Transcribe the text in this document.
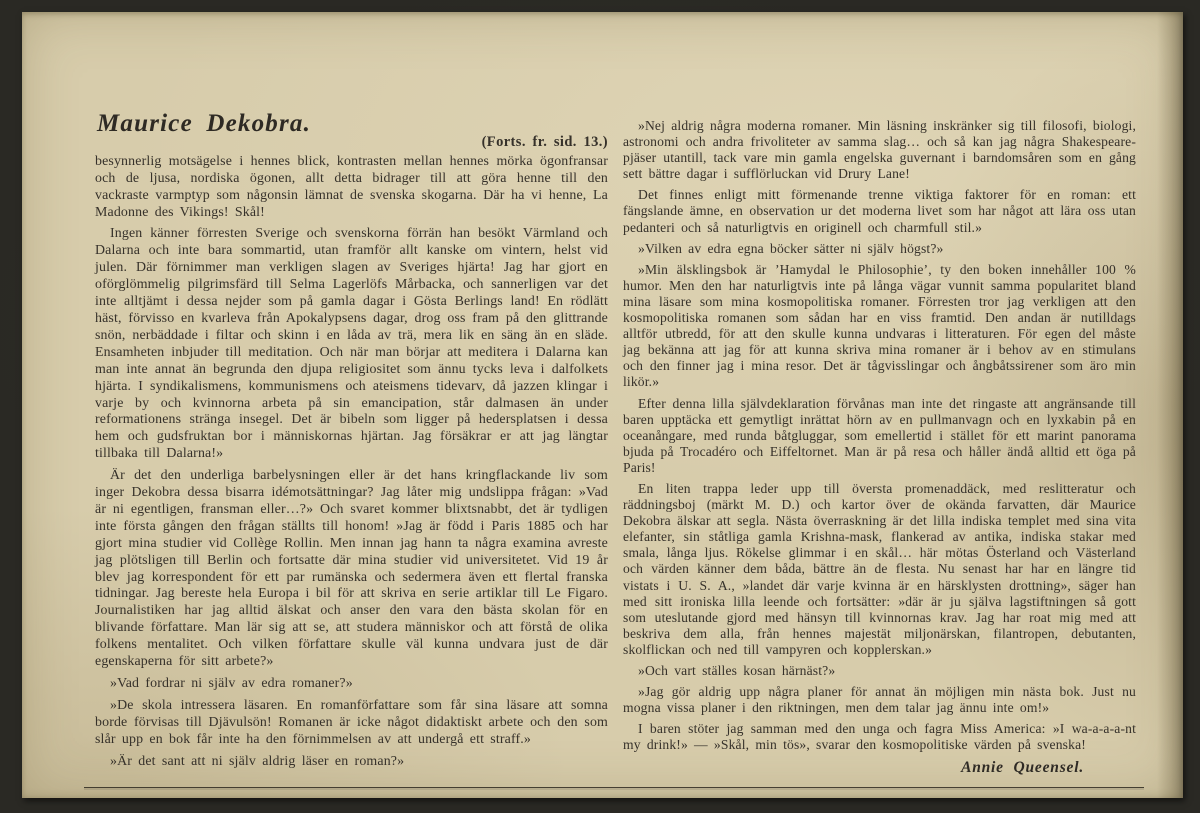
Maurice Dekobra.
(Forts. fr. sid. 13.)

besynnerlig motsägelse i hennes blick, kontrasten mellan hennes mörka ögonfransar och de ljusa, nordiska ögonen, allt detta bidrager till att göra henne till den vackraste varmptyp som någonsin lämnat de svenska skogarna. Där ha vi henne, La Madonne des Vikings! Skål!

Ingen känner förresten Sverige och svenskorna förrän han besökt Värmland och Dalarna och inte bara sommartid, utan framför allt kanske om vintern, helst vid julen. Där förnimmer man verkligen slagen av Sveriges hjärta! Jag har gjort en oförglömmelig pilgrimsfärd till Selma Lagerlöfs Mårbacka, och sannerligen var det inte alltjämt i dessa nejder som på gamla dagar i Gösta Berlings land! En rödlätt häst, förvisso en kvarleva från Apokalypsens dagar, drog oss fram på den glittrande snön, nerbäddade i filtar och skinn i en låda av trä, mera lik en säng än en släde. Ensamheten inbjuder till meditation. Och när man börjar att meditera i Dalarna kan man inte annat än begrunda den djupa religiositet som ännu tycks leva i dalfolkets hjärta. I syndikalismens, kommunismens och ateismens tidevarv, då jazzen klingar i varje by och kvinnorna arbeta på sin emancipation, står dalmasen än under reformationens stränga insegel. Det är bibeln som ligger på hedersplatsen i dessa hem och gudsfruktan bor i människornas hjärtan. Jag försäkrar er att jag längtar tillbaka till Dalarna!»

Är det den underliga barbelysningen eller är det hans kringflackande liv som inger Dekobra dessa bisarra idémotsättningar? Jag låter mig undslippa frågan: »Vad är ni egentligen, fransman eller…?» Och svaret kommer blixtsnabbt, det är tydligen inte första gången den frågan ställts till honom! »Jag är född i Paris 1885 och har gjort mina studier vid Collège Rollin. Men innan jag hann ta några examina avreste jag plötsligen till Berlin och fortsatte där mina studier vid universitetet. Vid 19 år blev jag korrespondent för ett par rumänska och sedermera även ett flertal franska tidningar. Jag bereste hela Europa i bil för att skriva en serie artiklar till Le Figaro. Journalistiken har jag alltid älskat och anser den vara den bästa skolan för en blivande författare. Man lär sig att se, att studera människor och att förstå de olika folkens mentalitet. Och vilken författare skulle väl kunna undvara just de där egenskaperna för sitt arbete?»

»Vad fordrar ni själv av edra romaner?»

»De skola intressera läsaren. En romanförfattare som får sina läsare att somna borde förvisas till Djävulsön! Romanen är icke något didaktiskt arbete och den som slår upp en bok får inte ha den förnimmelsen av att undergå ett straff.»

»Är det sant att ni själv aldrig läser en roman?»

»Nej aldrig några moderna romaner. Min läsning inskränker sig till filosofi, biologi, astronomi och andra frivoliteter av samma slag… och så kan jag några Shakespeare-pjäser utantill, tack vare min gamla engelska guvernant i barndomsåren som en gång sett bättre dagar i sufflörluckan vid Drury Lane!

Det finnes enligt mitt förmenande trenne viktiga faktorer för en roman: ett fängslande ämne, en observation ur det moderna livet som har något att lära oss utan pedanteri och så naturligtvis en originell och charmfull stil.»

»Vilken av edra egna böcker sätter ni själv högst?»

»Min älsklingsbok är ’Hamydal le Philosophie’, ty den boken innehåller 100 % humor. Men den har naturligtvis inte på långa vägar vunnit samma popularitet bland mina läsare som mina kosmopolitiska romaner. Förresten tror jag verkligen att den kosmopolitiska romanen som sådan har en viss framtid. Den andan är nutilldags alltför utbredd, för att den skulle kunna undvaras i litteraturen. För egen del måste jag bekänna att jag för att kunna skriva mina romaner är i behov av en stimulans och den finner jag i mina resor. Det är tågvisslingar och ångbåtssirener som äro min likör.»

Efter denna lilla självdeklaration förvånas man inte det ringaste att angränsande till baren upptäcka ett gemytligt inrättat hörn av en pullmanvagn och en lyxkabin på en oceanångare, med runda båtgluggar, som emellertid i stället för ett marint panorama bjuda på Trocadéro och Eiffeltornet. Man är på resa och håller ändå alltid ett öga på Paris!

En liten trappa leder upp till översta promenaddäck, med reslitteratur och räddningsboj (märkt M. D.) och kartor över de okända farvatten, där Maurice Dekobra älskar att segla. Nästa överraskning är det lilla indiska templet med sina vita elefanter, sin ståtliga gamla Krishna-mask, flankerad av antika, indiska stakar med smala, långa ljus. Rökelse glimmar i en skål… här mötas Österland och Västerland och värden känner dem båda, bättre än de flesta. Nu senast har har en längre tid vistats i U. S. A., »landet där varje kvinna är en härsklysten drottning», säger han med sitt ironiska lilla leende och fortsätter: »där är ju själva lagstiftningen så gott som uteslutande gjord med hänsyn till kvinnornas krav. Jag har roat mig med att beskriva dem alla, från hennes majestät miljonärskan, filantropen, debutanten, skolflickan och ned till vampyren och kopplerskan.»

»Och vart ställes kosan härnäst?»

»Jag gör aldrig upp några planer för annat än möjligen min nästa bok. Just nu mogna vissa planer i den riktningen, men dem talar jag ännu inte om!»

I baren stöter jag samman med den unga och fagra Miss America: »I wa-a-a-a-nt my drink!» — »Skål, min tös», svarar den kosmopolitiske värden på svenska!

Annie Queensel.
